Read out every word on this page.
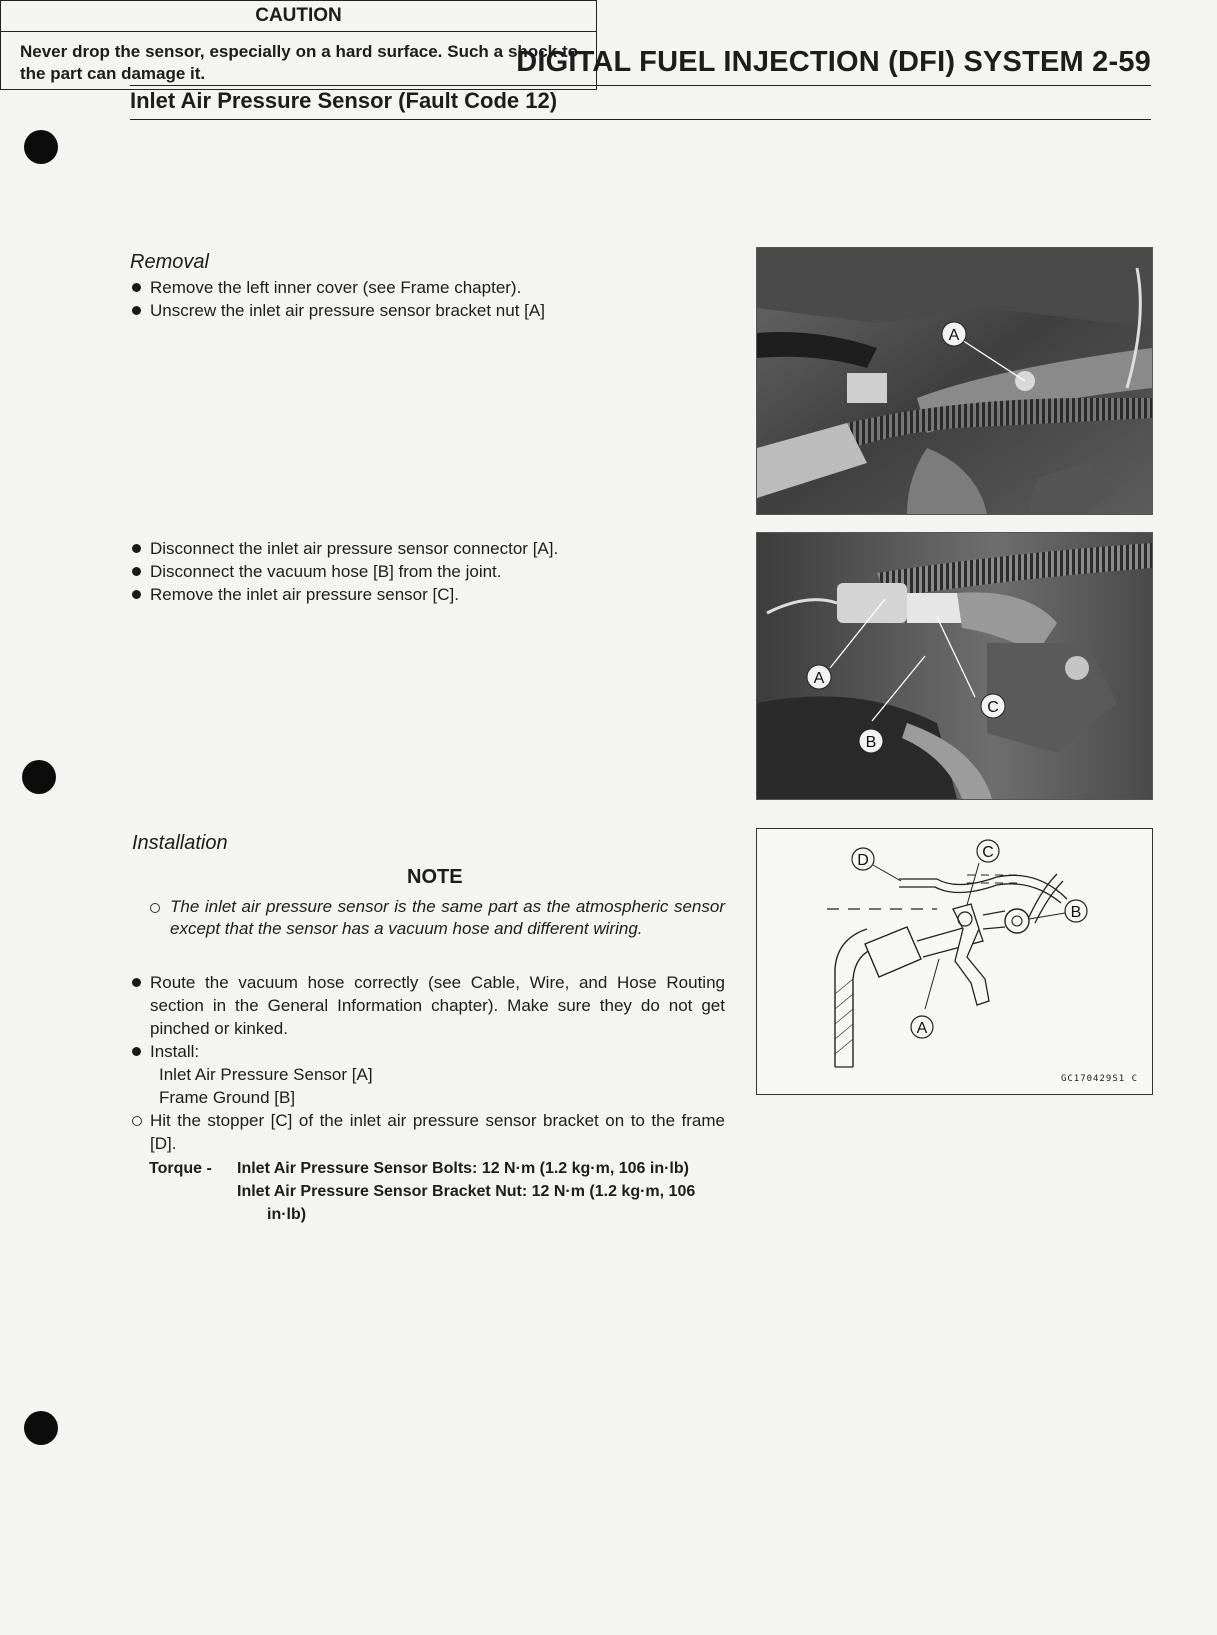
DIGITAL FUEL INJECTION (DFI) SYSTEM 2-59
Inlet Air Pressure Sensor (Fault Code 12)
CAUTION
Never drop the sensor, especially on a hard surface. Such a shock to the part can damage it.
Removal
Remove the left inner cover (see Frame chapter).
Unscrew the inlet air pressure sensor bracket nut [A]
Disconnect the inlet air pressure sensor connector [A].
Disconnect the vacuum hose [B] from the joint.
Remove the inlet air pressure sensor [C].
Installation
NOTE
The inlet air pressure sensor is the same part as the atmospheric sensor except that the sensor has a vacuum hose and different wiring.
Route the vacuum hose correctly (see Cable, Wire, and Hose Routing section in the General Information chapter). Make sure they do not get pinched or kinked.
Install:
Inlet Air Pressure Sensor [A]
Frame Ground [B]
Hit the stopper [C] of the inlet air pressure sensor bracket on to the frame [D].
Torque - Inlet Air Pressure Sensor Bolts: 12 N·m (1.2 kg·m, 106 in·lb)
Inlet Air Pressure Sensor Bracket Nut: 12 N·m (1.2 kg·m, 106
in·lb)
A
A
B
C
D	C
B
A
GC170429S1 C
